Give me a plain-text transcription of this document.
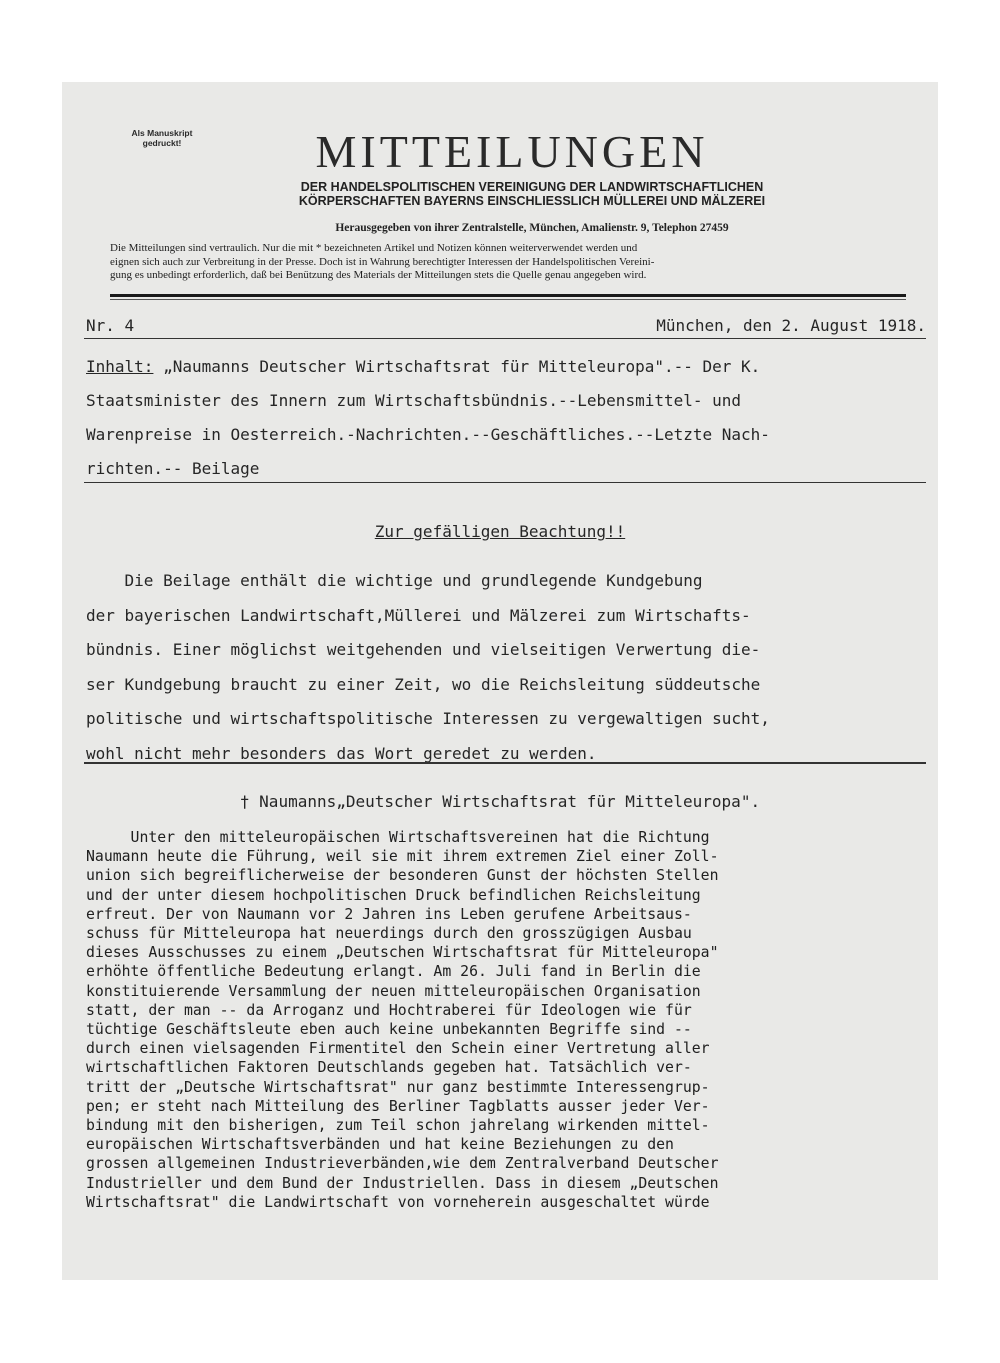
Als Manuskript
gedruckt!	MITTEILUNGEN
DER HANDELSPOLITISCHEN VEREINIGUNG DER LANDWIRTSCHAFTLICHEN
KÖRPERSCHAFTEN BAYERNS EINSCHLIESSLICH MÜLLEREI UND MÄLZEREI
Herausgegeben von ihrer Zentralstelle, München, Amalienstr. 9, Telephon 27459
Die Mitteilungen sind vertraulich. Nur die mit * bezeichneten Artikel und Notizen können weiterverwendet werden und
eignen sich auch zur Verbreitung in der Presse. Doch ist in Wahrung berechtigter Interessen der Handelspolitischen Vereini-
gung es unbedingt erforderlich, daß bei Benützung des Materials der Mitteilungen stets die Quelle genau angegeben wird.
Nr. 4	München, den 2. August 1918.
Inhalt: „Naumanns Deutscher Wirtschaftsrat für Mitteleuropa".-- Der K.
Staatsminister des Innern zum Wirtschaftsbündnis.--Lebensmittel- und
Warenpreise in Oesterreich.-Nachrichten.--Geschäftliches.--Letzte Nach-
richten.-- Beilage
Zur gefälligen Beachtung!!
Die Beilage enthält die wichtige und grundlegende Kundgebung
der bayerischen Landwirtschaft,Müllerei und Mälzerei zum Wirtschafts-
bündnis. Einer möglichst weitgehenden und vielseitigen Verwertung die-
ser Kundgebung braucht zu einer Zeit, wo die Reichsleitung süddeutsche
politische und wirtschaftspolitische Interessen zu vergewaltigen sucht,
wohl nicht mehr besonders das Wort geredet zu werden.
† Naumanns„Deutscher Wirtschaftsrat für Mitteleuropa".
Unter den mitteleuropäischen Wirtschaftsvereinen hat die Richtung
Naumann heute die Führung, weil sie mit ihrem extremen Ziel einer Zoll-
union sich begreiflicherweise der besonderen Gunst der höchsten Stellen
und der unter diesem hochpolitischen Druck befindlichen Reichsleitung
erfreut. Der von Naumann vor 2 Jahren ins Leben gerufene Arbeitsaus-
schuss für Mitteleuropa hat neuerdings durch den grosszügigen Ausbau
dieses Ausschusses zu einem „Deutschen Wirtschaftsrat für Mitteleuropa"
erhöhte öffentliche Bedeutung erlangt. Am 26. Juli fand in Berlin die
konstituierende Versammlung der neuen mitteleuropäischen Organisation
statt, der man -- da Arroganz und Hochtraberei für Ideologen wie für
tüchtige Geschäftsleute eben auch keine unbekannten Begriffe sind --
durch einen vielsagenden Firmentitel den Schein einer Vertretung aller
wirtschaftlichen Faktoren Deutschlands gegeben hat. Tatsächlich ver-
tritt der „Deutsche Wirtschaftsrat" nur ganz bestimmte Interessengrup-
pen; er steht nach Mitteilung des Berliner Tagblatts ausser jeder Ver-
bindung mit den bisherigen, zum Teil schon jahrelang wirkenden mittel-
europäischen Wirtschaftsverbänden und hat keine Beziehungen zu den
grossen allgemeinen Industrieverbänden,wie dem Zentralverband Deutscher
Industrieller und dem Bund der Industriellen. Dass in diesem „Deutschen
Wirtschaftsrat" die Landwirtschaft von vorneherein ausgeschaltet würde
